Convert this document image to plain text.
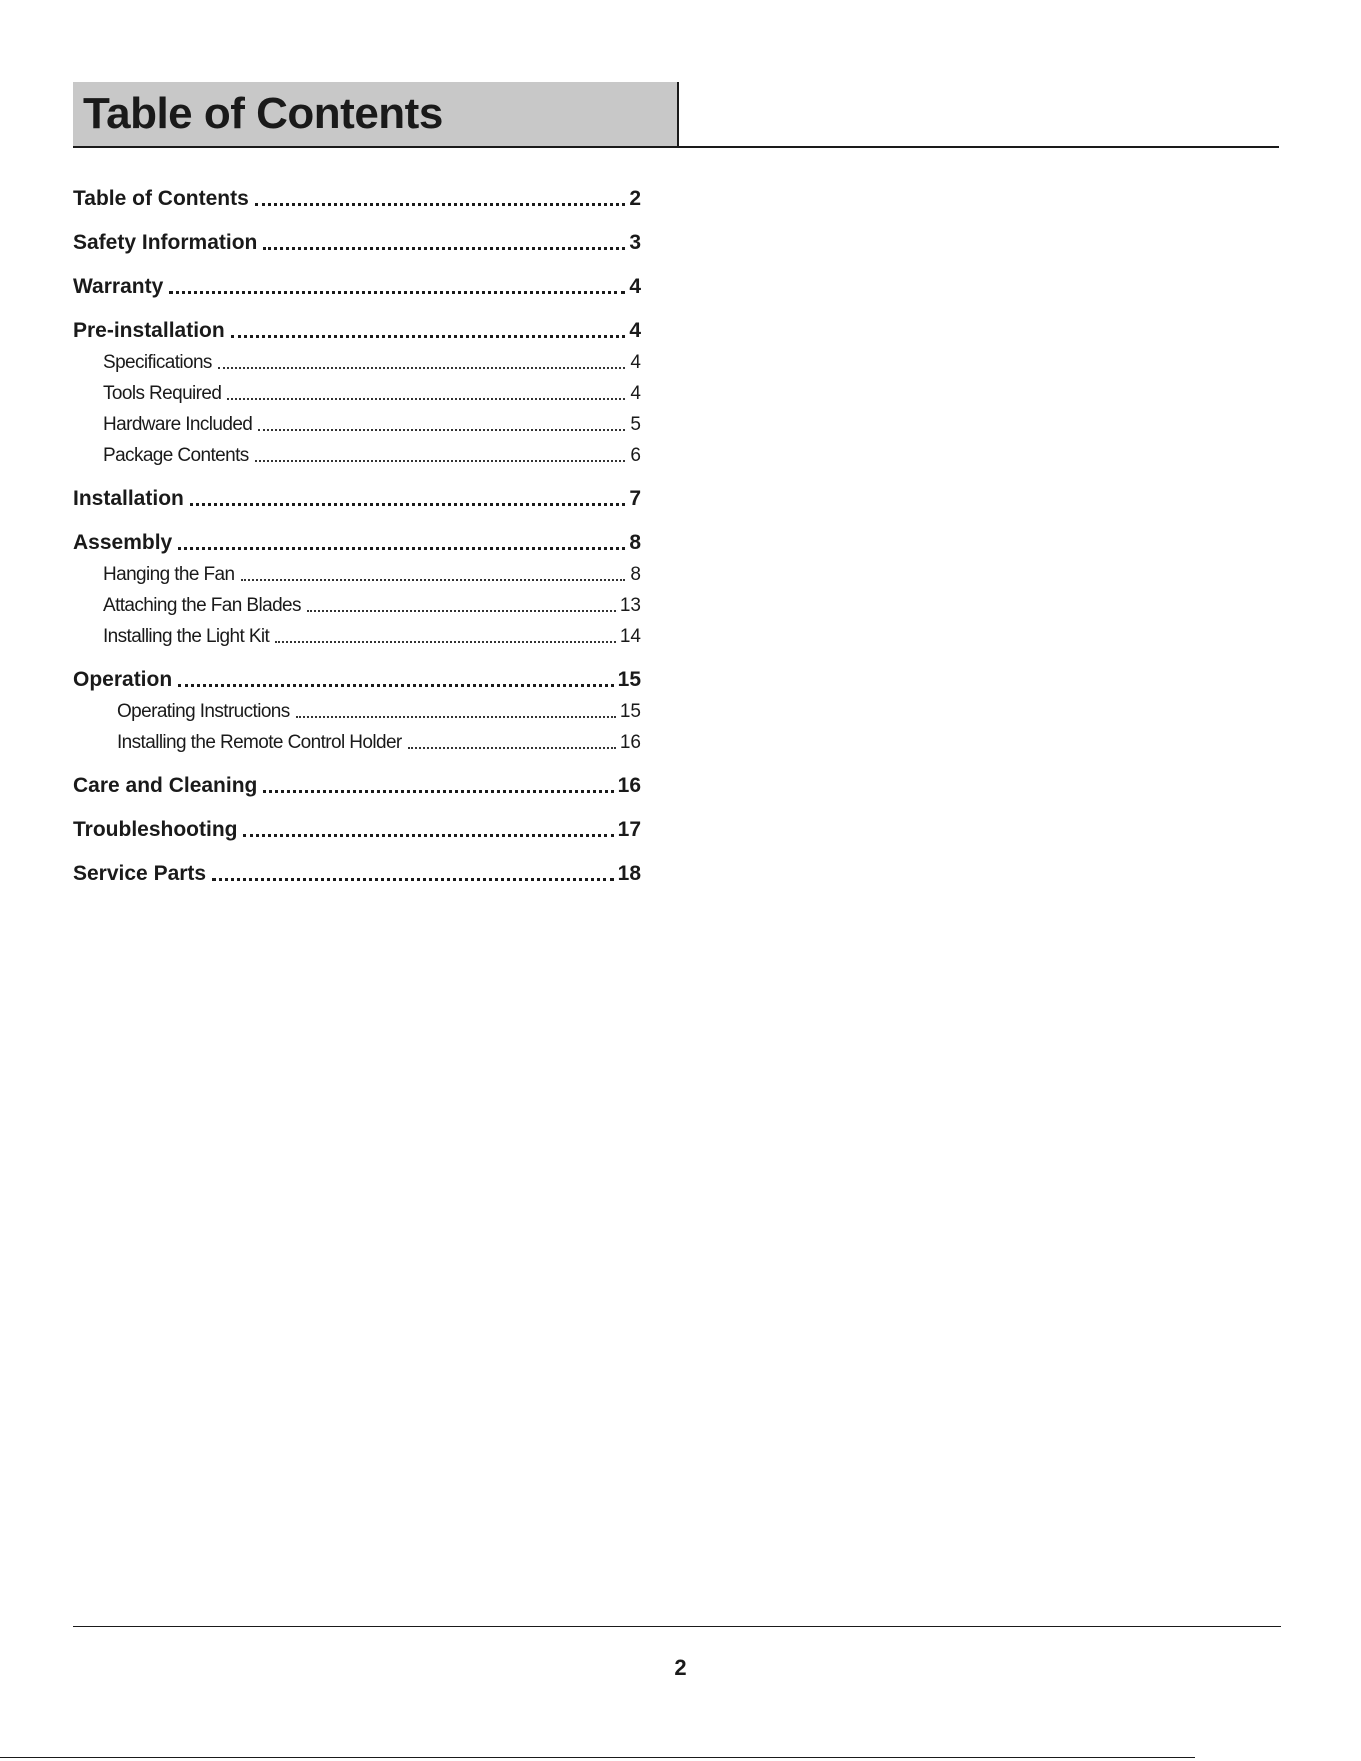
Table of Contents
Table of Contents	2
Safety Information	3
Warranty	4
Pre-installation	4
Specifications	4
Tools Required	4
Hardware Included	5
Package Contents	6
Installation	7
Assembly	8
Hanging the Fan	8
Attaching the Fan Blades	13
Installing the Light Kit	14
Operation	15
Operating Instructions	15
Installing the Remote Control Holder	16
Care and Cleaning	16
Troubleshooting	17
Service Parts	18
2
